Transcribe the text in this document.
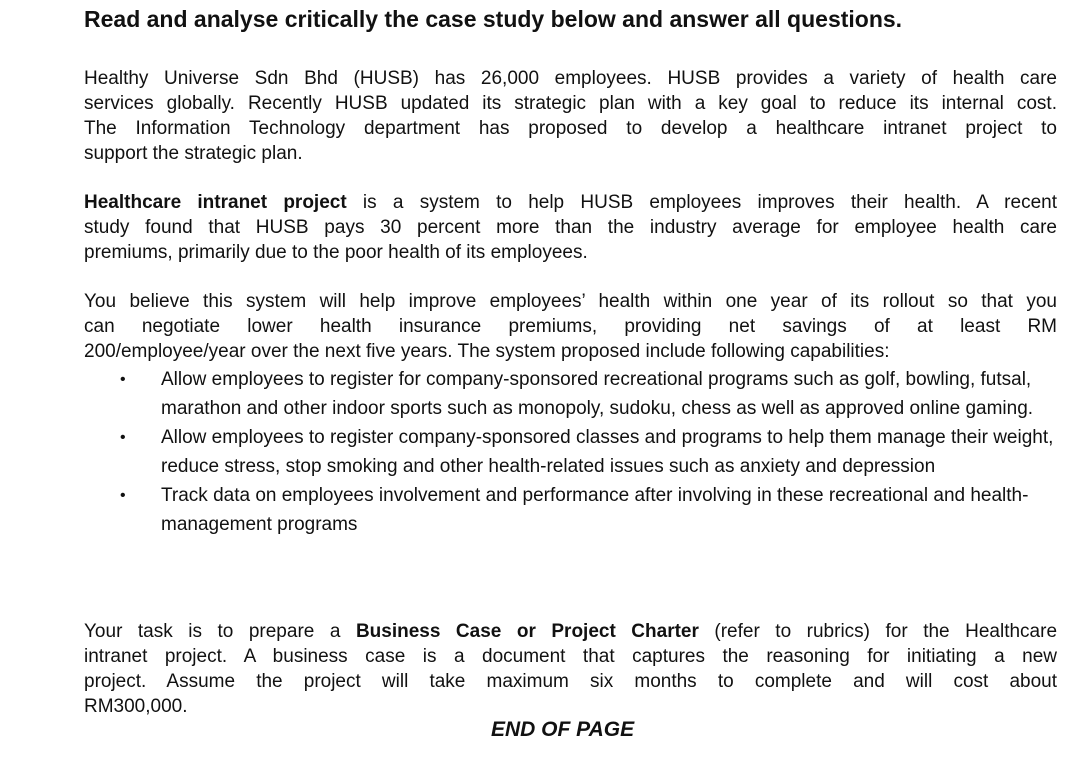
Read and analyse critically the case study below and answer all questions.

Healthy Universe Sdn Bhd (HUSB) has 26,000 employees. HUSB provides a variety of health care
services globally. Recently HUSB updated its strategic plan with a key goal to reduce its internal cost.
The Information Technology department has proposed to develop a healthcare intranet project to
support the strategic plan.

Healthcare intranet project is a system to help HUSB employees improves their health. A recent
study found that HUSB pays 30 percent more than the industry average for employee health care
premiums, primarily due to the poor health of its employees.

You believe this system will help improve employees’ health within one year of its rollout so that you
can negotiate lower health insurance premiums, providing net savings of at least RM
200/employee/year over the next five years. The system proposed include following capabilities:

• Allow employees to register for company-sponsored recreational programs such as golf, bowling, futsal, marathon and other indoor sports such as monopoly, sudoku, chess as well as approved online gaming.
• Allow employees to register company-sponsored classes and programs to help them manage their weight, reduce stress, stop smoking and other health-related issues such as anxiety and depression
• Track data on employees involvement and performance after involving in these recreational and health-management programs

Your task is to prepare a Business Case or Project Charter (refer to rubrics) for the Healthcare
intranet project. A business case is a document that captures the reasoning for initiating a new
project. Assume the project will take maximum six months to complete and will cost about
RM300,000.

END OF PAGE
